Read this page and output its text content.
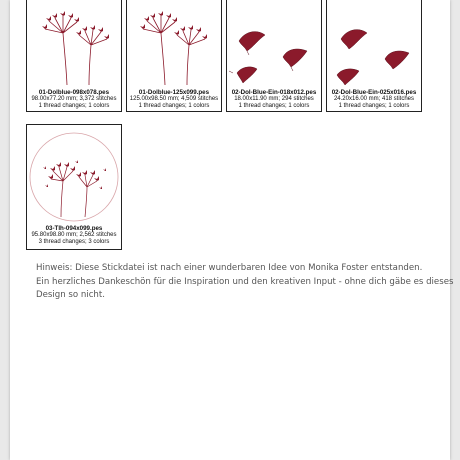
01-Dolblue-098x078.pes
98.00x77.20 mm; 3,372 stitches
1 thread changes; 1 colors
01-Dolblue-125x099.pes
125.00x98.50 mm; 4,509 stitches
1 thread changes; 1 colors
02-Dol-Blue-Ein-018x012.pes
18.00x11.90 mm; 294 stitches
1 thread changes; 1 colors
02-Dol-Blue-Ein-025x016.pes
24.20x16.00 mm; 418 stitches
1 thread changes; 1 colors
03-Tlh-094x099.pes
95.80x98.80 mm; 2,562 stitches
3 thread changes; 3 colors
Hinweis: Diese Stickdatei ist nach einer wunderbaren Idee von Monika Foster entstanden.
Ein herzliches Dankeschön für die Inspiration und den kreativen Input - ohne dich gäbe es dieses
Design so nicht.
